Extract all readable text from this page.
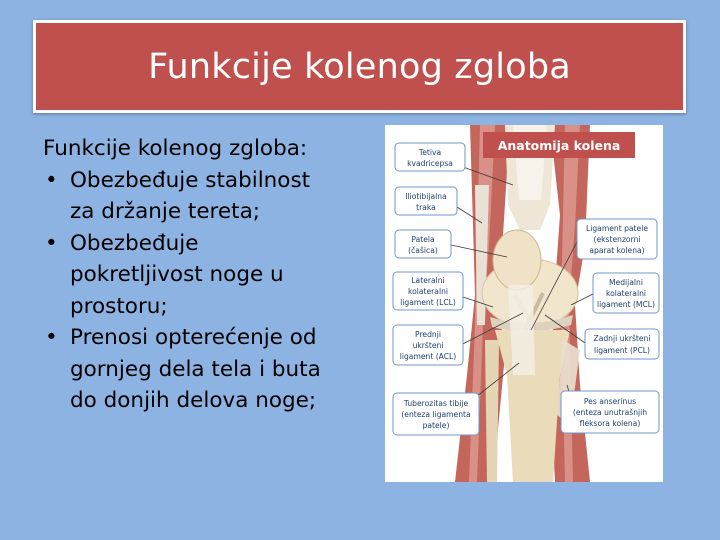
Funkcije kolenog zgloba
Funkcije kolenog zgloba:
• Obezbeđuje stabilnost
za držanje tereta;
• Obezbeđuje
pokretljivost noge u
prostoru;
• Prenosi opterećenje od
gornjeg dela tela i buta
do donjih delova noge;
Anatomija kolena
Tetiva
kvadricepsa
Iliotibijalna
traka
Patela
(čašica)
Lateralni
kolateralni
ligament (LCL)
Prednji
ukršteni
ligament (ACL)
Tuberozitas tibije
(enteza ligamenta
patele)
Ligament patele
(ekstenzorni
aparat kolena)
Medijalni
kolateralni
ligament (MCL)
Zadnji ukršteni
ligament (PCL)
Pes anserinus
(enteza unutrašnjih
fleksora kolena)
